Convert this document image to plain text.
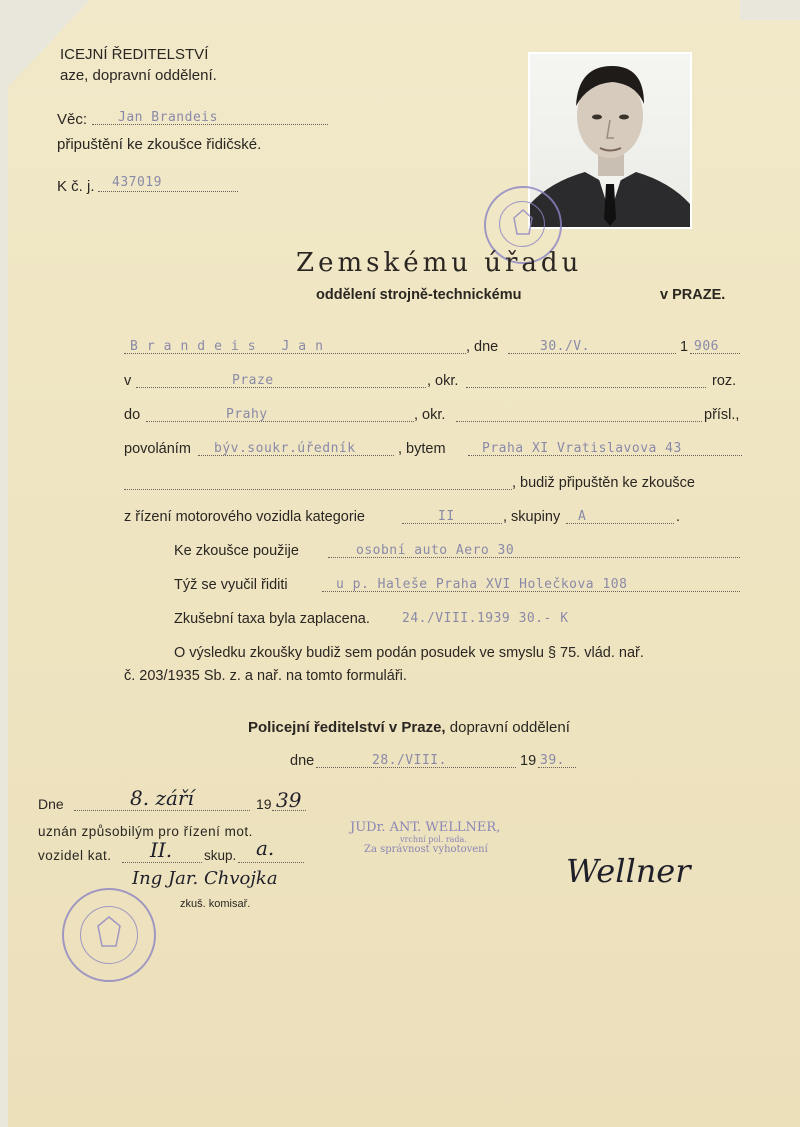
ICEJNÍ ŘEDITELSTVÍ
aze, dopravní oddělení.
Věc: Jan Brandeis
připuštění ke zkoušce řidičské.
K č. j. 437019
Zemskému úřadu
oddělení strojně-technickému	v PRAZE.
Brandeis Jan	, dne	30./V.	1 906
v	Praze	, okr.	roz.
do	Prahy	, okr.	přísl.,
povoláním býv.soukr.úředník	, bytem	Praha XI Vratislavova 43
, budiž připuštěn ke zkoušce
z řízení motorového vozidla kategorie	II	, skupiny A	.
Ke zkoušce použije	osobní auto Aero 30
Týž se vyučil řiditi	u p. Haleše Praha XVI Holečkova 108
Zkušební taxa byla zaplacena. 24./VIII.1939 30.- K
O výsledku zkoušky budiž sem podán posudek ve smyslu § 75. vlád. nař.
č. 203/1935 Sb. z. a nař. na tomto formuláři.
Policejní ředitelství v Praze, dopravní oddělení
dne	28./VIII.	19 39.
JUDr. ANT. WELLNER,
vrchní pol. rada.
Za správnost vyhotovení
Wellner
Dne	8. září	19 39
uznán způsobilým pro řízení mot.
vozidel kat. II. skup. a.
Ing Jar. Chvojka
zkuš. komisař.
